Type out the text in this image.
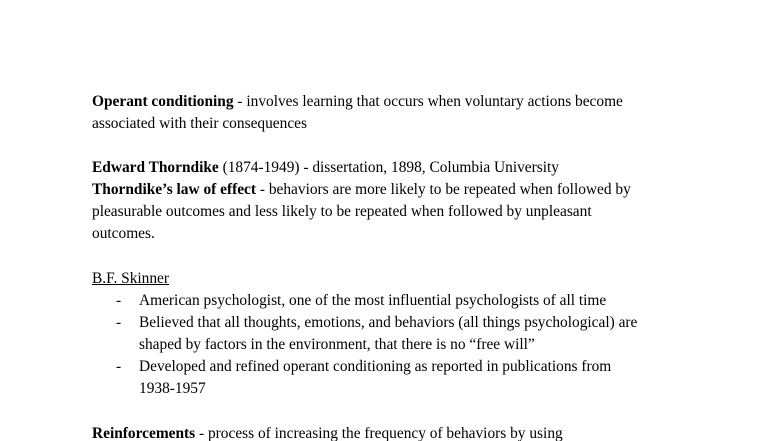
Operant conditioning - involves learning that occurs when voluntary actions become

associated with their consequences

Edward Thorndike (1874-1949) - dissertation, 1898, Columbia University

Thorndike’s law of effect - behaviors are more likely to be repeated when followed by

pleasurable outcomes and less likely to be repeated when followed by unpleasant

outcomes.

B.F. Skinner

- American psychologist, one of the most influential psychologists of all time
- Believed that all thoughts, emotions, and behaviors (all things psychological) are
shaped by factors in the environment, that there is no “free will”
- Developed and refined operant conditioning as reported in publications from
1938-1957

Reinforcements - process of increasing the frequency of behaviors by using
